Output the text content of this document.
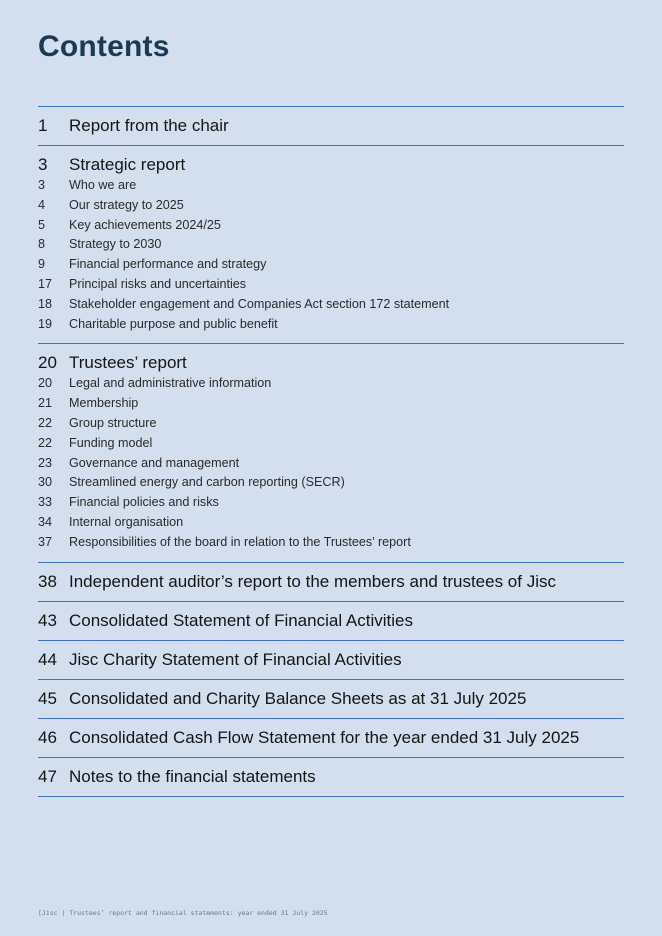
Contents
1	Report from the chair
3	Strategic report
3	Who we are
4	Our strategy to 2025
5	Key achievements 2024/25
8	Strategy to 2030
9	Financial performance and strategy
17	Principal risks and uncertainties
18	Stakeholder engagement and Companies Act section 172 statement
19	Charitable purpose and public benefit
20 Trustees’ report
20	Legal and administrative information
21	Membership
22	Group structure
22	Funding model
23	Governance and management
30	Streamlined energy and carbon reporting (SECR)
33	Financial policies and risks
34	Internal organisation
37	Responsibilities of the board in relation to the Trustees’ report
38 Independent auditor’s report to the members and trustees of Jisc
43 Consolidated Statement of Financial Activities
44 Jisc Charity Statement of Financial Activities
45 Consolidated and Charity Balance Sheets as at 31 July 2025
46 Consolidated Cash Flow Statement for the year ended 31 July 2025
47 Notes to the financial statements
[Jisc | Trustees’ report and financial statements: year ended 31 July 2025
